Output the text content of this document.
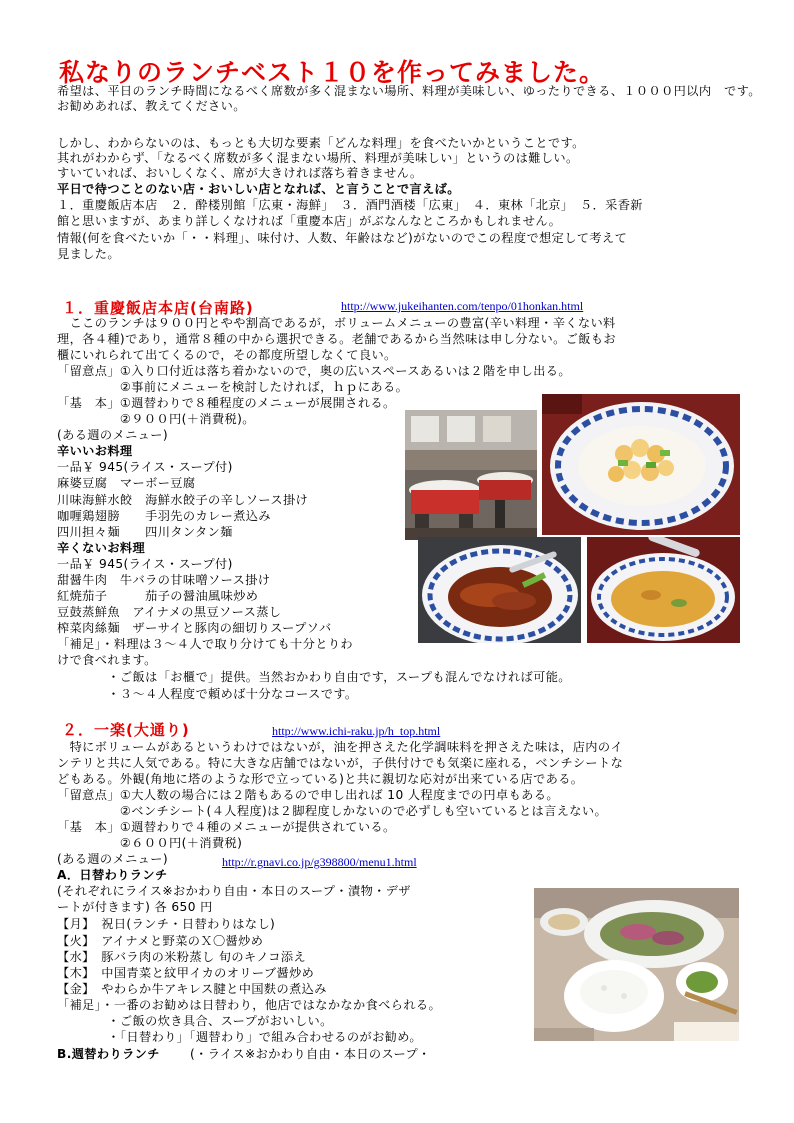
私なりのランチベスト１０を作ってみました。
希望は、平日のランチ時間になるべく席数が多く混まない場所、料理が美味しい、ゆったりできる、１０００円以内　です。
お勧めあれば、教えてください。
しかし、わからないのは、もっとも大切な要素「どんな料理」を食べたいかということです。
其れがわからず、「なるべく席数が多く混まない場所、料理が美味しい」というのは難しい。
すいていれば、おいしくなく、席が大きければ落ち着きません。
平日で待つことのない店・おいしい店となれば、と言うことで言えば。
１．重慶飯店本店　２．酔楼別館「広東・海鮮」　３．酒門酒楼「広東」　４．東林「北京」　５．采香新
館と思いますが、あまり詳しくなければ「重慶本店」がぶなんなところかもしれません。
情報(何を食べたいか「・・料理」、味付け、人数、年齢はなど)がないのでこの程度で想定して考えて
見ました。
１．重慶飯店本店(台南路)	http://www.jukeihanten.com/tenpo/01honkan.html
　ここのランチは９００円とやや割高であるが，ボリュームメニューの豊富(辛い料理・辛くない料
理，各４種)であり，通常８種の中から選択できる。老舗であるから当然味は申し分ない。ご飯もお
櫃にいれられて出てくるので，その都度所望しなくて良い。
「留意点」①入り口付近は落ち着かないので，奥の広いスペースあるいは２階を申し出る。
　　　　　②事前にメニューを検討したければ，ｈｐにある。
「基　本」①週替わりで８種程度のメニューが展開される。
　　　　　②９００円(＋消費税)。
(ある週のメニュー)
辛いいお料理
一品￥ 945(ライス・スープ付)
麻婆豆腐　マーボー豆腐
川味海鮮水餃　海鮮水餃子の辛しソース掛け
咖喱鶏翅膀　　手羽先のカレー煮込み
四川担々麺　　四川タンタン麺
辛くないお料理
一品￥ 945(ライス・スープ付)
甜醤牛肉　牛バラの甘味噌ソース掛け
紅焼茄子　　　茄子の醤油風味炒め
豆鼓蒸鮮魚　アイナメの黒豆ソース蒸し
榨菜肉絲麺　ザーサイと豚肉の細切りスープソバ
「補足」・料理は３～４人で取り分けても十分とりわ
けで食べれます。
　　　　・ご飯は「お櫃で」提供。当然おかわり自由です，スープも混んでなければ可能。
　　　　・３～４人程度で頼めば十分なコースです。
２．一楽(大通り)	http://www.ichi-raku.jp/h_top.html
　特にボリュームがあるというわけではないが，油を押さえた化学調味料を押さえた味は，店内のイ
ンテリと共に人気である。特に大きな店舗ではないが，子供付けでも気楽に座れる，ベンチシートな
どもある。外観(角地に塔のような形で立っている)と共に親切な応対が出来ている店である。
「留意点」①大人数の場合には２階もあるので申し出れば 10 人程度までの円卓もある。
　　　　　②ベンチシート(４人程度)は２脚程度しかないので必ずしも空いているとは言えない。
「基　本」①週替わりで４種のメニューが提供されている。
　　　　　②６００円(＋消費税)
(ある週のメニュー)	http://r.gnavi.co.jp/g398800/menu1.html
A．日替わりランチ
(それぞれにライス※おかわり自由・本日のスープ・漬物・デザ
ートが付きます) 各 650 円
【月】　祝日(ランチ・日替わりはなし)
【火】　アイナメと野菜のＸ〇醤炒め
【水】　豚バラ肉の米粉蒸し 旬のキノコ添え
【木】　中国青菜と紋甲イカのオリーブ醤炒め
【金】　やわらか牛アキレス腱と中国麩の煮込み
「補足」・一番のお勧めは日替わり，他店ではなかなか食べられる。
　　　　・ご飯の炊き具合、スープがおいしい。
　　　　・「日替わり」「週替わり」で組み合わせるのがお勧め。
B.週替わりランチ (・ライス※おかわり自由・本日のスープ・
